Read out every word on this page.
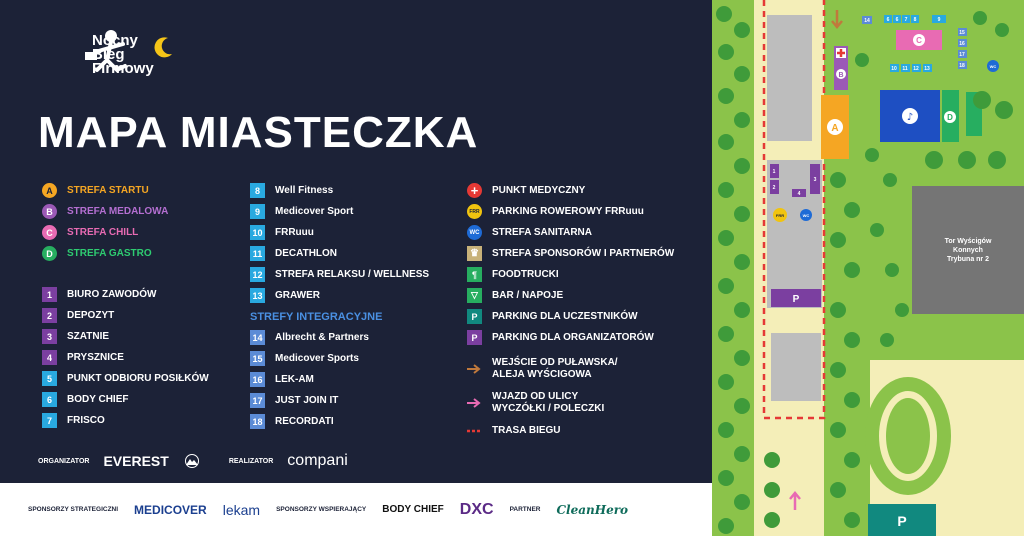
Nocny
Bieg
Firmowy
MAPA MIASTECZKA
A	STREFA STARTU
B	STREFA MEDALOWA
C	STREFA CHILL
D	STREFA GASTRO
1	BIURO ZAWODÓW
2	DEPOZYT
3	SZATNIE
4	PRYSZNICE
5	PUNKT ODBIORU POSIŁKÓW
6	BODY CHIEF
7	FRISCO
8	Well Fitness
9	Medicover Sport
10 FRRuuu
11 DECATHLON
12 STREFA RELAKSU / WELLNESS
13 GRAWER
STREFY INTEGRACYJNE
14 Albrecht & Partners
15 Medicover Sports
16 LEK-AM
17 JUST JOIN IT
18 RECORDATI
+	PUNKT MEDYCZNY
FRR PARKING ROWEROWY FRRuuu
WC STREFA SANITARNA
♛	STREFA SPONSORÓW I PARTNERÓW
¶	FOODTRUCKI
▽	BAR / NAPOJE
P	PARKING DLA UCZESTNIKÓW
P	PARKING DLA ORGANIZATORÓW
WEJŚCIE OD PUŁAWSKA/
ALEJA WYŚCIGOWA
WJAZD OD ULICY
WYCZÓŁKI / POLECZKI
TRASA BIEGU
ORGANIZATOR EVEREST	REALIZATOR compani
SPONSORZY STRATEGICZNI MEDICOVER lekam SPONSORZY WSPIERAJĄCY BODY CHIEF DXC PARTNER CleanHero
Tor Wyścigów
Konnych
Trybuna nr 2
A
B
C
♪	D
6 6 7 8	9
14
10 11 12 13
15
16
17
18	WC
WC
FRR
1
2
3
4
P
P
